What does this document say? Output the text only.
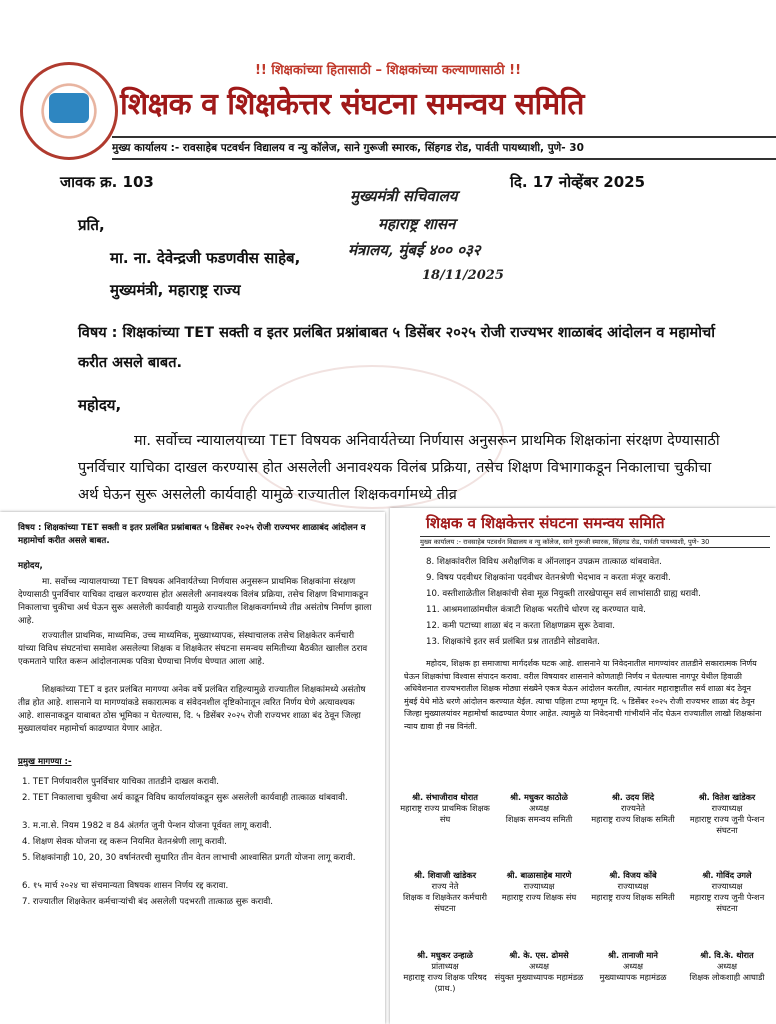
!! शिक्षकांच्या हितासाठी – शिक्षकांच्या कल्याणासाठी !!
शिक्षक व शिक्षकेत्तर संघटना समन्वय समिति
मुख्य कार्यालय :- रावसाहेब पटवर्धन विद्यालय व न्यु कॉलेज, साने गुरूजी स्मारक, सिंहगड रोड, पार्वती पायथ्याशी, पुणे- 30
जावक क्र. 103	दि. 17 नोव्हेंबर 2025
मुख्यमंत्री सचिवालय
महाराष्ट्र शासन
मंत्रालय, मुंबई ४०० ०३२
18/11/2025
प्रति,
मा. ना. देवेन्द्रजी फडणवीस साहेब,
मुख्यमंत्री, महाराष्ट्र राज्य
विषय : शिक्षकांच्या TET सक्ती व इतर प्रलंबित प्रश्नांबाबत ५ डिसेंबर २०२५ रोजी राज्यभर शाळाबंद आंदोलन व महामोर्चा करीत असले बाबत.
महोदय,
मा. सर्वोच्च न्यायालयाच्या TET विषयक अनिवार्यतेच्या निर्णयास अनुसरून प्राथमिक शिक्षकांना संरक्षण देण्यासाठी पुनर्विचार याचिका दाखल करण्यास होत असलेली अनावश्यक विलंब प्रक्रिया, तसेच शिक्षण विभागाकडून निकालाचा चुकीचा अर्थ घेऊन सुरू असलेली कार्यवाही यामुळे राज्यातील शिक्षकवर्गामध्ये तीव्र
विषय : शिक्षकांच्या TET सक्ती व इतर प्रलंबित प्रश्नांबाबत ५ डिसेंबर २०२५ रोजी राज्यभर शाळाबंद आंदोलन व महामोर्चा करीत असले बाबत.
महोदय,
मा. सर्वोच्च न्यायालयाच्या TET विषयक अनिवार्यतेच्या निर्णयास अनुसरून प्राथमिक शिक्षकांना संरक्षण देण्यासाठी पुनर्विचार याचिका दाखल करण्यास होत असलेली अनावश्यक विलंब प्रक्रिया, तसेच शिक्षण विभागाकडून निकालाचा चुकीचा अर्थ घेऊन सुरू असलेली कार्यवाही यामुळे राज्यातील शिक्षकवर्गामध्ये तीव्र असंतोष निर्माण झाला आहे.
राज्यातील प्राथमिक, माध्यमिक, उच्च माध्यमिक, मुख्याध्यापक, संस्थाचालक तसेच शिक्षकेतर कर्मचारी यांच्या विविध संघटनांचा समावेश असलेल्या शिक्षक व शिक्षकेतर संघटना समन्वय समितीच्या बैठकीत खालील ठराव एकमताने पारित करून आंदोलनात्मक पवित्रा घेण्याचा निर्णय घेण्यात आला आहे.
शिक्षकांच्या TET व इतर प्रलंबित मागण्या अनेक वर्षे प्रलंबित राहिल्यामुळे राज्यातील शिक्षकांमध्ये असंतोष तीव्र होत आहे. शासनाने या मागण्यांकडे सकारात्मक व संवेदनशील दृष्टिकोनातून त्वरित निर्णय घेणे अत्यावश्यक आहे. शासनाकडून याबाबत ठोस भूमिका न घेतल्यास, दि. ५ डिसेंबर २०२५ रोजी राज्यभर शाळा बंद ठेवून जिल्हा मुख्यालयांवर महामोर्चा काढण्यात येणार आहेत.
प्रमुख मागण्या :-
1. TET निर्णयावरील पुनर्विचार याचिका तातडीने दाखल करावी.
2. TET निकालाचा चुकीचा अर्थ काढून विविध कार्यालयांकडून सुरू असलेली कार्यवाही तात्काळ थांबवावी.
3. म.ना.से. नियम 1982 व 84 अंतर्गत जुनी पेन्शन योजना पूर्ववत लागू करावी.
4. शिक्षण सेवक योजना रद्द करून नियमित वेतनश्रेणी लागू करावी.
5. शिक्षकांनाही 10, 20, 30 वर्षानंतरची सुधारित तीन वेतन लाभाची आश्वासित प्रगती योजना लागू करावी.
6. १५ मार्च २०२४ चा संचमान्यता विषयक शासन निर्णय रद्द करावा.
7. राज्यातील शिक्षकेतर कर्मचाऱ्यांची बंद असलेली पदभरती तात्काळ सुरू करावी.
शिक्षक व शिक्षकेत्तर संघटना समन्वय समिति
मुख्य कार्यालय :- रावसाहेब पटवर्धन विद्यालय व न्यु कॉलेज, साने गुरूजी स्मारक, सिंहगड रोड, पार्वती पायथ्याशी, पुणे- 30
8. शिक्षकांवरील विविध अशैक्षणिक व ऑनलाइन उपक्रम तात्काळ थांबवावेत.
9. विषय पदवीधर शिक्षकांना पदवीधर वेतनश्रेणी भेदभाव न करता मंजूर करावी.
10. वस्तीशाळेतील शिक्षकांची सेवा मूळ नियुक्ती तारखेपासून सर्व लाभांसाठी ग्राह्य धरावी.
11. आश्रमशाळांमधील कंत्राटी शिक्षक भरतीचे धोरण रद्द करण्यात यावे.
12. कमी पटाच्या शाळा बंद न करता शिक्षणक्रम सुरू ठेवावा.
13. शिक्षकांचे इतर सर्व प्रलंबित प्रश्न तातडीने सोडवावेत.
महोदय, शिक्षक हा समाजाचा मार्गदर्शक घटक आहे. शासनाने या निवेदनातील मागण्यांवर तातडीने सकारात्मक निर्णय घेऊन शिक्षकांचा विश्वास संपादन करावा. वरील विषयावर शासनाने कोणताही निर्णय न घेतल्यास नागपूर येथील हिवाळी अधिवेशनात राज्यभरातील शिक्षक मोठ्या संख्येने एकत्र येऊन आंदोलन करतील, त्यानंतर महाराष्ट्रातील सर्व शाळा बंद ठेवून मुंबई येथे मोठे धरणे आंदोलन करण्यात येईल. त्याचा पहिला टप्पा म्हणून दि. ५ डिसेंबर २०२५ रोजी राज्यभर शाळा बंद ठेवून जिल्हा मुख्यालयांवर महामोर्चा काढण्यात येणार आहेत. त्यामुळे या निवेदनाची गांभीर्याने नोंद घेऊन राज्यातील लाखो शिक्षकांना न्याय द्यावा ही नम्र विनंती.
श्री. संभाजीराव थोरात
महाराष्ट्र राज्य प्राथमिक शिक्षक संघ
श्री. मधुकर काठोळे
अध्यक्ष
शिक्षक समन्वय समिती
श्री. उदय शिंदे
राज्यनेते
महाराष्ट्र राज्य शिक्षक समिती
श्री. वितेश खांडेकर
राज्याध्यक्ष
महाराष्ट्र राज्य जुनी पेन्शन संघटना
श्री. शिवाजी खांडेकर
राज्य नेते
शिक्षक व शिक्षकेतर कर्मचारी संघटना
श्री. बाळासाहेब मारणे
राज्याध्यक्ष
महाराष्ट्र राज्य शिक्षक संघ
श्री. विजय कोंबे
राज्याध्यक्ष
महाराष्ट्र राज्य शिक्षक समिती
श्री. गोविंद उगले
राज्याध्यक्ष
महाराष्ट्र राज्य जुनी पेन्शन संघटना
श्री. मधुकर उन्हाळे
प्रांताध्यक्ष
महाराष्ट्र राज्य शिक्षक परिषद (प्राथ.)
श्री. के. एस. ढोमसे
अध्यक्ष
संयुक्त मुख्याध्यापक महामंडळ
श्री. तानाजी माने
अध्यक्ष
मुख्याध्यापक महामंडळ
श्री. वि.के. थोरात
अध्यक्ष
शिक्षक लोकशाही आघाडी
